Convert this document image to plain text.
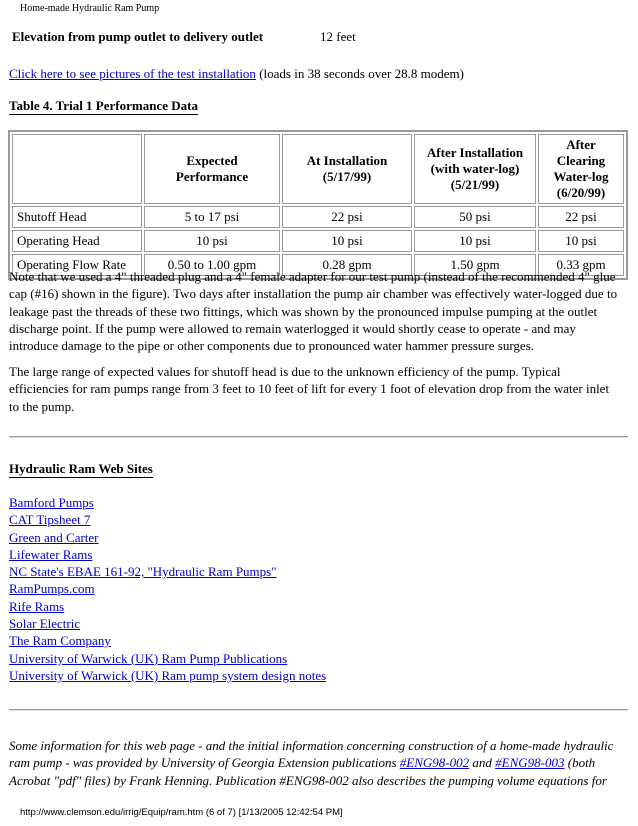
Home-made Hydraulic Ram Pump
Elevation from pump outlet to delivery outlet	12 feet
Click here to see pictures of the test installation (loads in 38 seconds over 28.8 modem)
Table 4. Trial 1 Performance Data
	Expected Performance	At Installation (5/17/99)	After Installation (with water-log) (5/21/99)	After Clearing Water-log (6/20/99)
Shutoff Head	5 to 17 psi	22 psi	50 psi	22 psi
Operating Head	10 psi	10 psi	10 psi	10 psi
Operating Flow Rate	0.50 to 1.00 gpm	0.28 gpm	1.50 gpm	0.33 gpm

Note that we used a 4" threaded plug and a 4" female adapter for our test pump (instead of the recommended 4" glue cap (#16) shown in the figure). Two days after installation the pump air chamber was effectively water-logged due to leakage past the threads of these two fittings, which was shown by the pronounced impulse pumping at the outlet discharge point. If the pump were allowed to remain waterlogged it would shortly cease to operate - and may introduce damage to the pipe or other components due to pronounced water hammer pressure surges.

The large range of expected values for shutoff head is due to the unknown efficiency of the pump. Typical efficiencies for ram pumps range from 3 feet to 10 feet of lift for every 1 foot of elevation drop from the water inlet to the pump.

Hydraulic Ram Web Sites
Bamford Pumps
CAT Tipsheet 7
Green and Carter
Lifewater Rams
NC State's EBAE 161-92, "Hydraulic Ram Pumps"
RamPumps.com
Rife Rams
Solar Electric
The Ram Company
University of Warwick (UK) Ram Pump Publications
University of Warwick (UK) Ram pump system design notes

Some information for this web page - and the initial information concerning construction of a home-made hydraulic ram pump - was provided by University of Georgia Extension publications #ENG98-002 and #ENG98-003 (both Acrobat "pdf" files) by Frank Henning. Publication #ENG98-002 also describes the pumping volume equations for

http://www.clemson.edu/irrig/Equip/ram.htm (6 of 7) [1/13/2005 12:42:54 PM]
